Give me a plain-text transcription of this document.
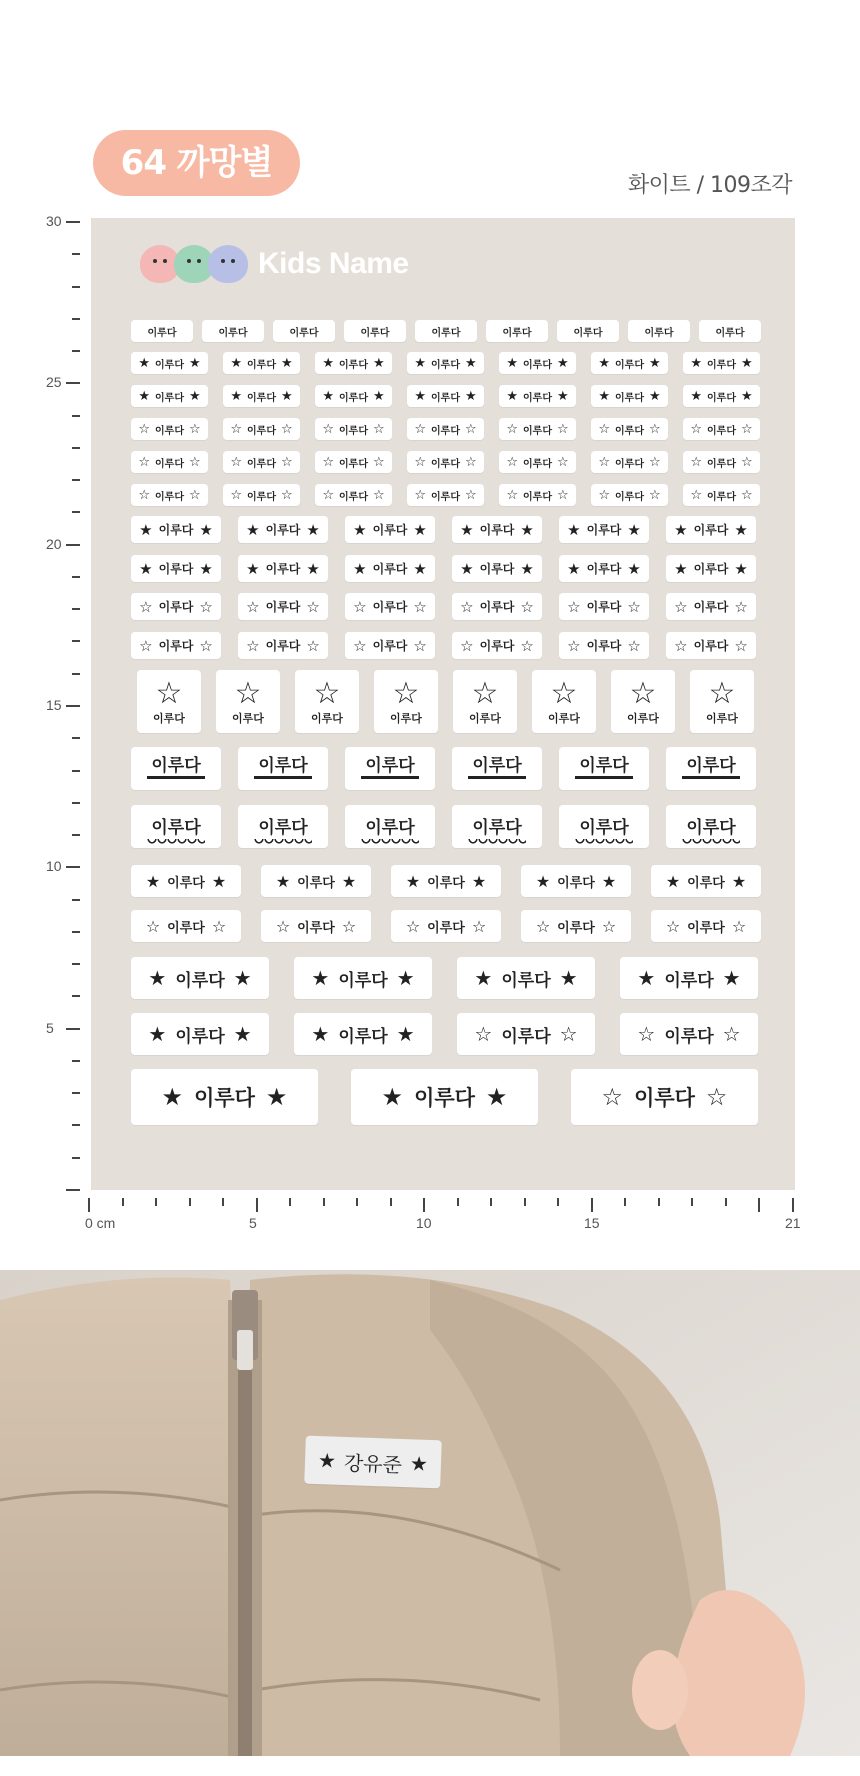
64 까망별
화이트 / 109조각
Kids Name
이루다	이루다	이루다	이루다	이루다	이루다	이루다	이루다	이루다
★ 이루다 ★ ★ 이루다 ★ ★ 이루다 ★ ★ 이루다 ★ ★ 이루다 ★ ★ 이루다 ★ ★ 이루다 ★
★ 이루다 ★ ★ 이루다 ★ ★ 이루다 ★ ★ 이루다 ★ ★ 이루다 ★ ★ 이루다 ★ ★ 이루다 ★
☆ 이루다 ☆ ☆ 이루다 ☆ ☆ 이루다 ☆ ☆ 이루다 ☆ ☆ 이루다 ☆ ☆ 이루다 ☆ ☆ 이루다 ☆
☆ 이루다 ☆ ☆ 이루다 ☆ ☆ 이루다 ☆ ☆ 이루다 ☆ ☆ 이루다 ☆ ☆ 이루다 ☆ ☆ 이루다 ☆
☆ 이루다 ☆ ☆ 이루다 ☆ ☆ 이루다 ☆ ☆ 이루다 ☆ ☆ 이루다 ☆ ☆ 이루다 ☆ ☆ 이루다 ☆
★ 이루다 ★ ★ 이루다 ★ ★ 이루다 ★ ★ 이루다 ★ ★ 이루다 ★ ★ 이루다 ★
★ 이루다 ★ ★ 이루다 ★ ★ 이루다 ★ ★ 이루다 ★ ★ 이루다 ★ ★ 이루다 ★
☆ 이루다 ☆ ☆ 이루다 ☆ ☆ 이루다 ☆ ☆ 이루다 ☆ ☆ 이루다 ☆ ☆ 이루다 ☆
☆ 이루다 ☆ ☆ 이루다 ☆ ☆ 이루다 ☆ ☆ 이루다 ☆ ☆ 이루다 ☆ ☆ 이루다 ☆
☆
이루다
☆
이루다
☆
이루다
☆
이루다
☆
이루다
☆
이루다
☆
이루다
☆
이루다
이루다	이루다	이루다	이루다	이루다	이루다
이루다	이루다	이루다	이루다	이루다	이루다
★ 이루다 ★	★ 이루다 ★	★ 이루다 ★	★ 이루다 ★	★ 이루다 ★
☆ 이루다 ☆	☆ 이루다 ☆	☆ 이루다 ☆	☆ 이루다 ☆	☆ 이루다 ☆
★ 이루다 ★	★ 이루다 ★	★ 이루다 ★	★ 이루다 ★
★ 이루다 ★	★ 이루다 ★	☆ 이루다 ☆	☆ 이루다 ☆
★ 이루다 ★	★ 이루다 ★	☆ 이루다 ☆
30
25
20
15
10
5
0 cm	5	10	15	21
★ 강유준 ★
